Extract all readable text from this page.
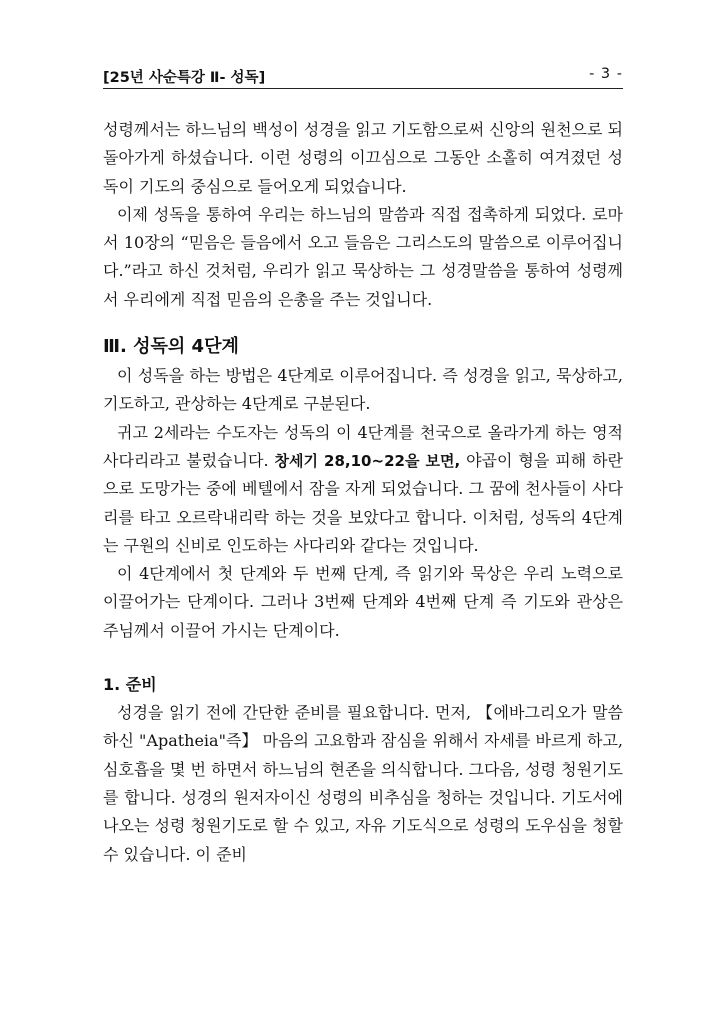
[25년 사순특강 Ⅱ- 성독]	- 3 -

성령께서는 하느님의 백성이 성경을 읽고 기도함으로써 신앙의 원천으로 되돌아가게 하셨습니다. 이런 성령의 이끄심으로 그동안 소홀히 여겨졌던 성독이 기도의 중심으로 들어오게 되었습니다.

이제 성독을 통하여 우리는 하느님의 말씀과 직접 접촉하게 되었다. 로마서 10장의 “믿음은 들음에서 오고 들음은 그리스도의 말씀으로 이루어집니다.”라고 하신 것처럼, 우리가 읽고 묵상하는 그 성경말씀을 통하여 성령께서 우리에게 직접 믿음의 은총을 주는 것입니다.

Ⅲ. 성독의 4단계

이 성독을 하는 방법은 4단계로 이루어집니다. 즉 성경을 읽고, 묵상하고, 기도하고, 관상하는 4단계로 구분된다.

귀고 2세라는 수도자는 성독의 이 4단계를 천국으로 올라가게 하는 영적 사다리라고 불렀습니다. 창세기 28,10~22을 보면, 야곱이 형을 피해 하란으로 도망가는 중에 베텔에서 잠을 자게 되었습니다. 그 꿈에 천사들이 사다리를 타고 오르락내리락 하는 것을 보았다고 합니다. 이처럼, 성독의 4단계는 구원의 신비로 인도하는 사다리와 같다는 것입니다.

이 4단계에서 첫 단계와 두 번째 단계, 즉 읽기와 묵상은 우리 노력으로 이끌어가는 단계이다. 그러나 3번째 단계와 4번째 단계 즉 기도와 관상은 주님께서 이끌어 가시는 단계이다.

1. 준비

성경을 읽기 전에 간단한 준비를 필요합니다. 먼저, 【에바그리오가 말씀하신 "Apatheia"즉】 마음의 고요함과 잠심을 위해서 자세를 바르게 하고, 심호흡을 몇 번 하면서 하느님의 현존을 의식합니다. 그다음, 성령 청원기도를 합니다. 성경의 원저자이신 성령의 비추심을 청하는 것입니다. 기도서에 나오는 성령 청원기도로 할 수 있고, 자유 기도식으로 성령의 도우심을 청할 수 있습니다. 이 준비
